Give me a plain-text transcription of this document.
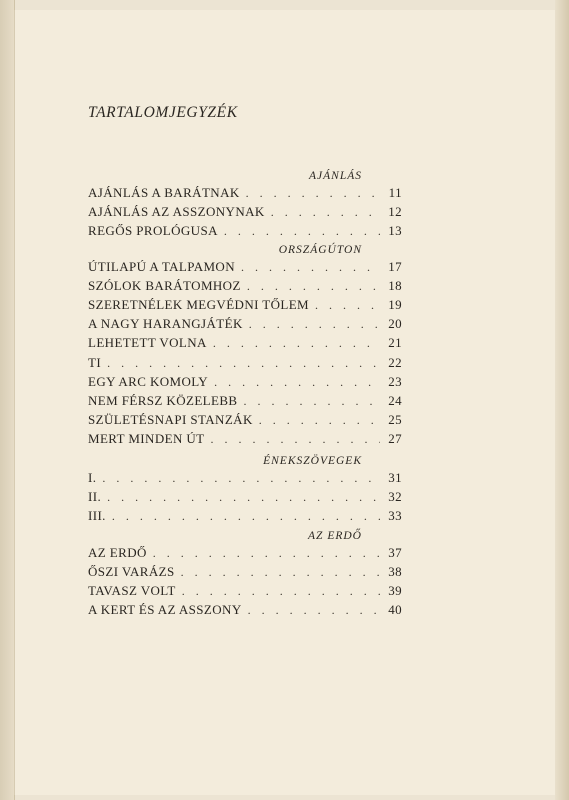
TARTALOMJEGYZÉK
AJÁNLÁS
AJÁNLÁS A BARÁTNAK . . .	11
AJÁNLÁS AZ ASSZONYNAK . . .	12
REGŐS PROLÓGUSA . . .	13
ORSZÁGÚTON
ÚTILAPÚ A TALPAMON . . .	17
SZÓLOK BARÁTOMHOZ . . .	18
SZERETNÉLEK MEGVÉDNI TŐLEM . . .	19
A NAGY HARANGJÁTÉK . . .	20
LEHETETT VOLNA . . .	21
TI . . .	22
EGY ARC KOMOLY . . .	23
NEM FÉRSZ KÖZELEBB . . .	24
SZÜLETÉSNAPI STANZÁK . . .	25
MERT MINDEN ÚT . . .	27
ÉNEKSZÖVEGEK
I. . . .	31
II. . . .	32
III. . . .	33
AZ ERDŐ
AZ ERDŐ . . .	37
ŐSZI VARÁZS . . .	38
TAVASZ VOLT . . .	39
A KERT ÉS AZ ASSZONY . . .	40
